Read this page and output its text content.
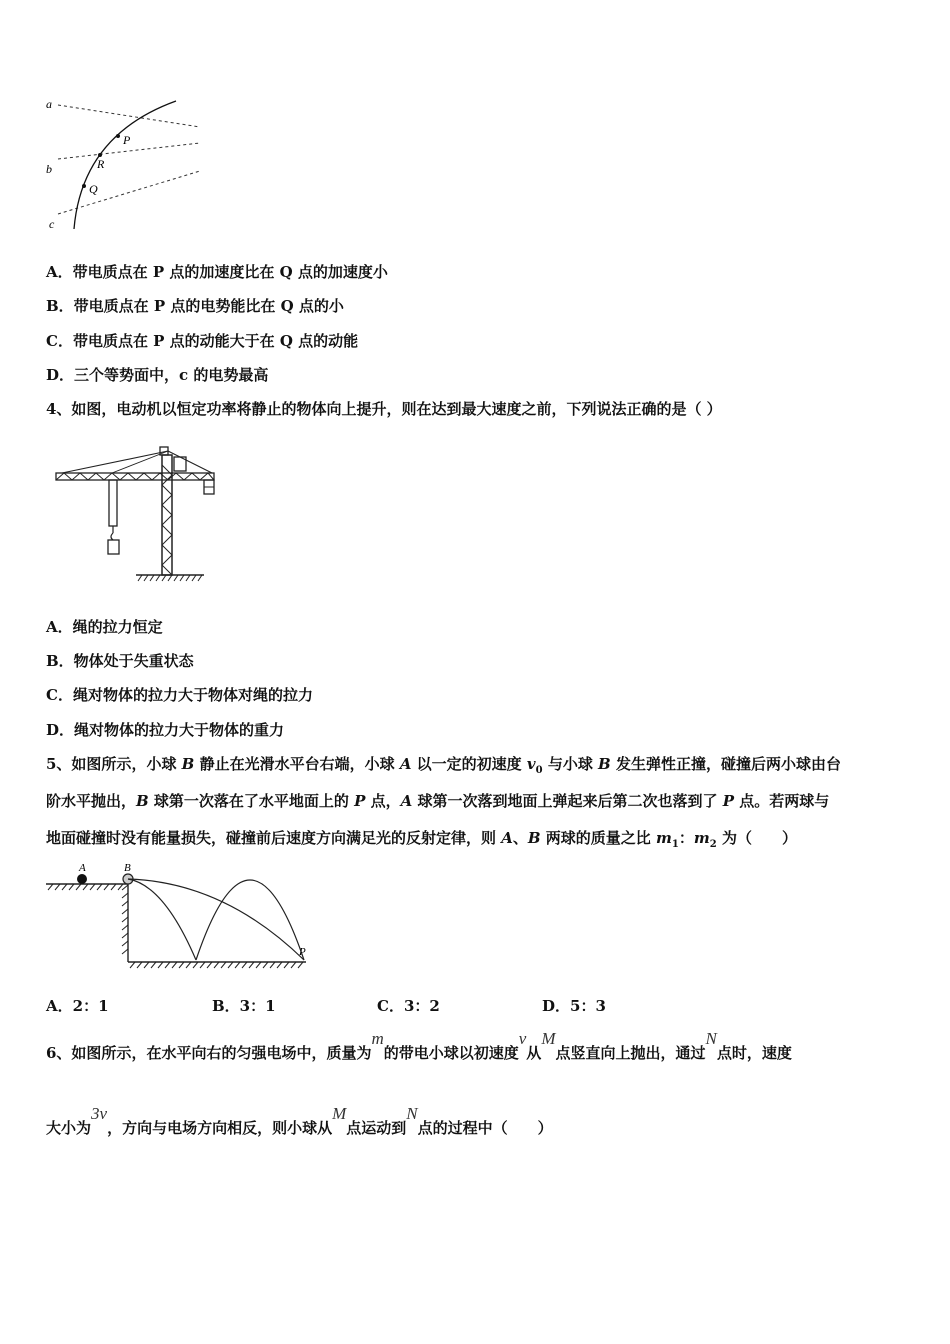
a
b
c
P
R
Q
A．带电质点在 P 点的加速度比在 Q 点的加速度小
B．带电质点在 P 点的电势能比在 Q 点的小
C．带电质点在 P 点的动能大于在 Q 点的动能
D．三个等势面中，c 的电势最高
4、如图，电动机以恒定功率将静止的物体向上提升，则在达到最大速度之前，下列说法正确的是（ ）
A．绳的拉力恒定
B．物体处于失重状态
C．绳对物体的拉力大于物体对绳的拉力
D．绳对物体的拉力大于物体的重力
5、如图所示，小球 B 静止在光滑水平台右端，小球 A 以一定的初速度 $v_0$ 与小球 B 发生弹性正撞，碰撞后两小球由台
阶水平抛出，B 球第一次落在了水平地面上的 P 点，A 球第一次落到地面上弹起来后第二次也落到了 P 点。若两球与
地面碰撞时没有能量损失，碰撞前后速度方向满足光的反射定律，则 A、B 两球的质量之比 $m_1$：$m_2$ 为（　　）
A	B
P
A．2：1	B．3：1	C．3：2	D．5：3
6、如图所示，在水平向右的匀强电场中，质量为m的带电小球以初速度v从M点竖直向上抛出，通过N点时，速度
大小为3v，方向与电场方向相反，则小球从M点运动到N点的过程中（　　）
